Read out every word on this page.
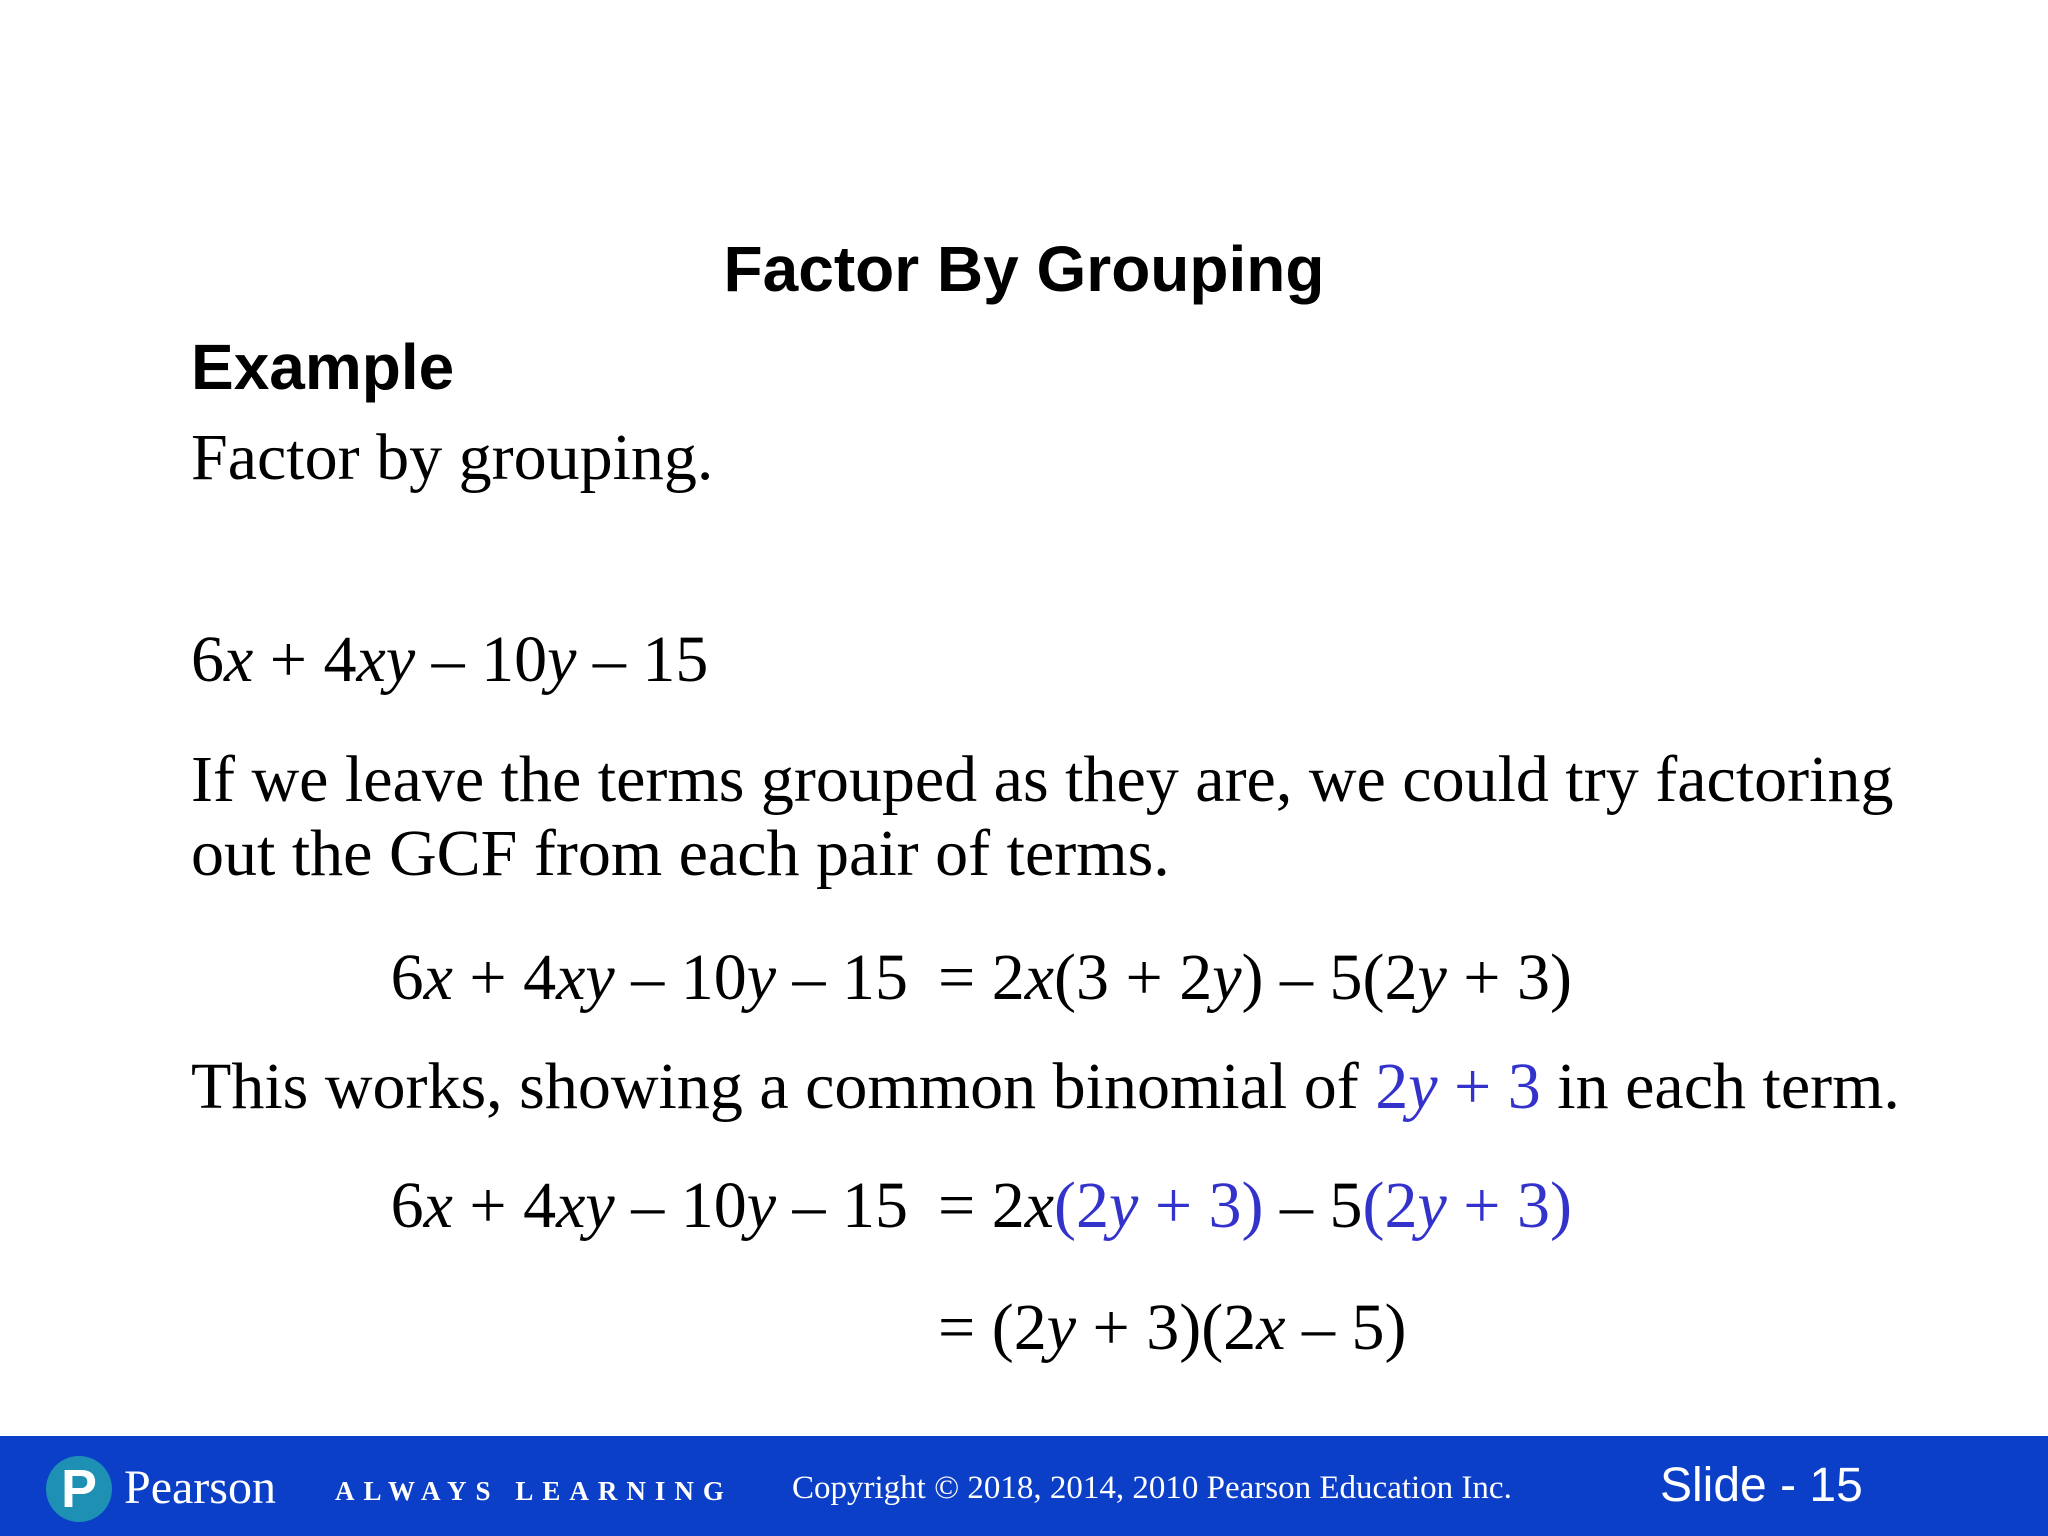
Factor By Grouping
Example
Factor by grouping.
6x + 4xy – 10y – 15
If we leave the terms grouped as they are, we could try factoring
out the GCF from each pair of terms.
6x + 4xy – 10y – 15 = 2x(3 + 2y) – 5(2y + 3)
This works, showing a common binomial of 2y + 3 in each term.
6x + 4xy – 10y – 15 = 2x(2y + 3) – 5(2y + 3)
= (2y + 3)(2x – 5)
P Pearson ALWAYS LEARNING Copyright © 2018, 2014, 2010 Pearson Education Inc.	Slide - 15
